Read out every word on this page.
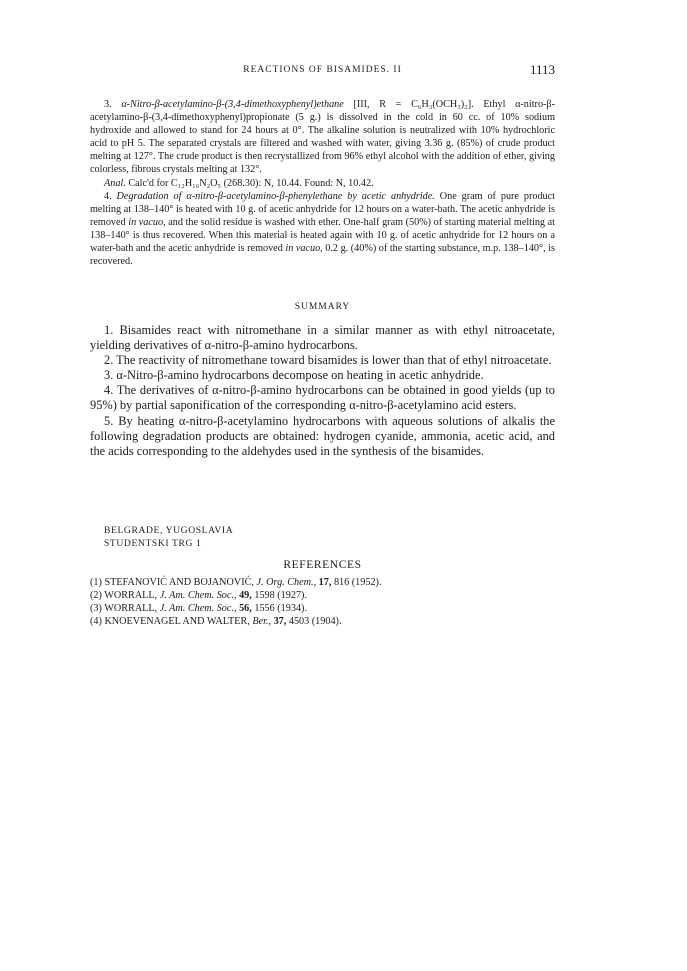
REACTIONS OF BISAMIDES. II	1113

3. α-Nitro-β-acetylamino-β-(3,4-dimethoxyphenyl)ethane [III, R = C₆H₃(OCH₃)₂]. Ethyl α-nitro-β-acetylamino-β-(3,4-dimethoxyphenyl)propionate (5 g.) is dissolved in the cold in 60 cc. of 10% sodium hydroxide and allowed to stand for 24 hours at 0°. The alkaline solution is neutralized with 10% hydrochloric acid to pH 5. The separated crystals are filtered and washed with water, giving 3.36 g. (85%) of crude product melting at 127°. The crude product is then recrystallized from 96% ethyl alcohol with the addition of ether, giving colorless, fibrous crystals melting at 132°.

Anal. Calc'd for C₁₂H₁₆N₂O₅ (268.30): N, 10.44. Found: N, 10.42.

4. Degradation of α-nitro-β-acetylamino-β-phenylethane by acetic anhydride. One gram of pure product melting at 138–140° is heated with 10 g. of acetic anhydride for 12 hours on a water-bath. The acetic anhydride is removed in vacuo, and the solid residue is washed with ether. One-half gram (50%) of starting material melting at 138–140° is thus recovered. When this material is heated again with 10 g. of acetic anhydride for 12 hours on a water-bath and the acetic anhydride is removed in vacuo, 0.2 g. (40%) of the starting substance, m.p. 138–140°, is recovered.

SUMMARY

1. Bisamides react with nitromethane in a similar manner as with ethyl nitroacetate, yielding derivatives of α-nitro-β-amino hydrocarbons.

2. The reactivity of nitromethane toward bisamides is lower than that of ethyl nitroacetate.

3. α-Nitro-β-amino hydrocarbons decompose on heating in acetic anhydride.

4. The derivatives of α-nitro-β-amino hydrocarbons can be obtained in good yields (up to 95%) by partial saponification of the corresponding α-nitro-β-acetylamino acid esters.

5. By heating α-nitro-β-acetylamino hydrocarbons with aqueous solutions of alkalis the following degradation products are obtained: hydrogen cyanide, ammonia, acetic acid, and the acids corresponding to the aldehydes used in the synthesis of the bisamides.

BELGRADE, YUGOSLAVIA
STUDENTSKI TRG 1
REFERENCES
(1) STEFANOVIĆ AND BOJANOVIĆ, J. Org. Chem., 17, 816 (1952).
(2) WORRALL, J. Am. Chem. Soc., 49, 1598 (1927).
(3) WORRALL, J. Am. Chem. Soc., 56, 1556 (1934).
(4) KNOEVENAGEL AND WALTER, Ber., 37, 4503 (1904).
